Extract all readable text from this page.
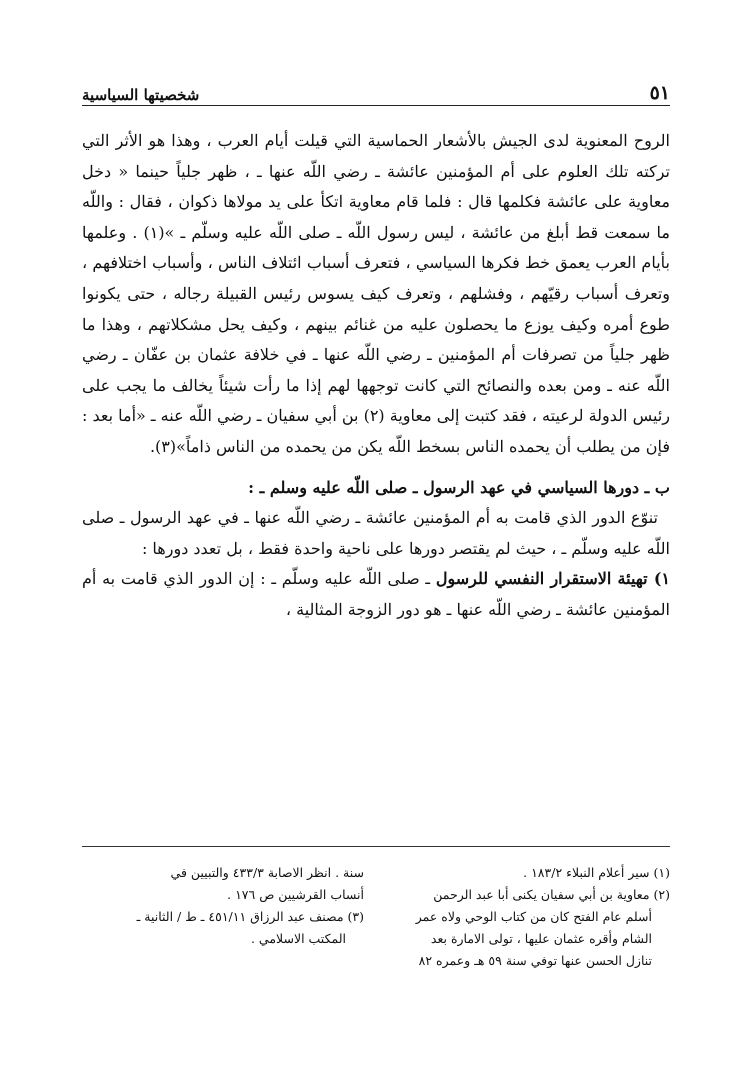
٥١
شخصيتها السياسية

الروح المعنوية لدى الجيش بالأشعار الحماسية التي قيلت أيام العرب ، وهذا هو الأثر التي تركته تلك العلوم على أم المؤمنين عائشة ـ رضي اللّه عنها ـ ، ظهر جلياً حينما « دخل معاوية على عائشة فكلمها قال : فلما قام معاوية اتكأ على يد مولاها ذكوان ، فقال : واللّه ما سمعت قط أبلغ من عائشة ، ليس رسول اللّه ـ صلى اللّه عليه وسلّم ـ »(١) . وعلمها بأيام العرب يعمق خط فكرها السياسي ، فتعرف أسباب ائتلاف الناس ، وأسباب اختلافهم ، وتعرف أسباب رقيّهم ، وفشلهم ، وتعرف كيف يسوس رئيس القبيلة رجاله ، حتى يكونوا طوع أمره وكيف يوزع ما يحصلون عليه من غنائم بينهم ، وكيف يحل مشكلاتهم ، وهذا ما ظهر جلياً من تصرفات أم المؤمنين ـ رضي اللّه عنها ـ في خلافة عثمان بن عفّان ـ رضي اللّه عنه ـ ومن بعده والنصائح التي كانت توجهها لهم إذا ما رأت شيئاً يخالف ما يجب على رئيس الدولة لرعيته ، فقد كتبت إلى معاوية (٢) بن أبي سفيان ـ رضي اللّه عنه ـ «أما بعد : فإن من يطلب أن يحمده الناس بسخط اللّه يكن من يحمده من الناس ذاماً»(٣).

ب ـ دورها السياسي في عهد الرسول ـ صلى اللّه عليه وسلم ـ :

تنوّع الدور الذي قامت به أم المؤمنين عائشة ـ رضي اللّه عنها ـ في عهد الرسول ـ صلى اللّه عليه وسلّم ـ ، حيث لم يقتصر دورها على ناحية واحدة فقط ، بل تعدد دورها :

١) تهيئة الاستقرار النفسي للرسول ـ صلى اللّه عليه وسلّم ـ : إن الدور الذي قامت به أم المؤمنين عائشة ـ رضي اللّه عنها ـ هو دور الزوجة المثالية ،

(١) سير أعلام النبلاء ١٨٣/٢ .

(٢) معاوية بن أبي سفيان يكنى أبا عبد الرحمن

أسلم عام الفتح كان من كتاب الوحي ولاه عمر

الشام وأقره عثمان عليها ، تولى الامارة بعد

تنازل الحسن عنها توفي سنة ٥٩ هـ وعمره ٨٢

سنة . انظر الاصابة ٤٣٣/٣ والتبيين في

أنساب القرشيين ص ١٧٦ .

(٣) مصنف عبد الرزاق ٤٥١/١١ ـ ط / الثانية ـ

المكتب الاسلامي .
